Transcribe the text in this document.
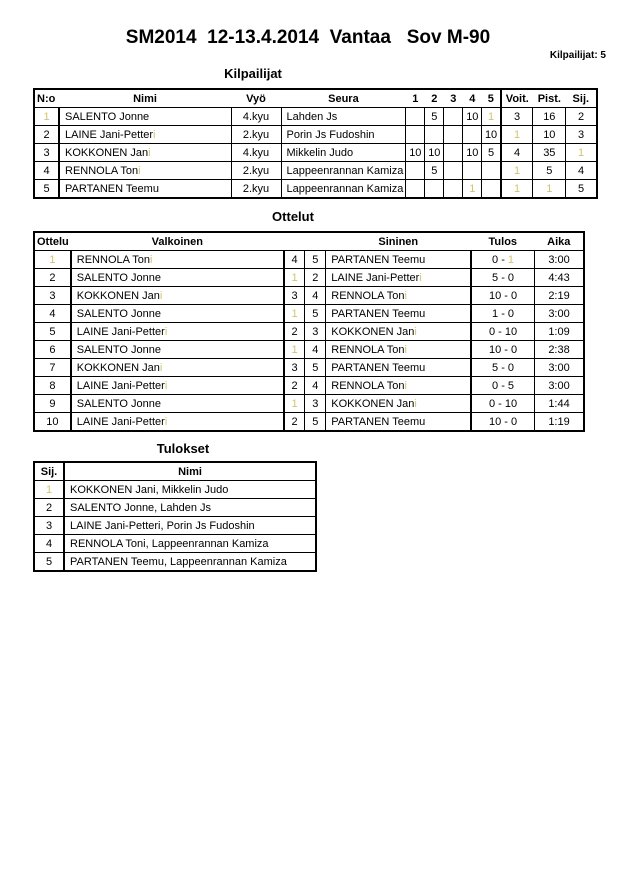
SM2014  12-13.4.2014  Vantaa   Sov M-90
Kilpailijat: 5
Kilpailijat
N:o	Nimi	Vyö	Seura	1	2	3	4	5	Voit.	Pist.	Sij.
1	SALENTO Jonne	4.kyu	Lahden Js		5		10	1	3	16	2
2	LAINE Jani-Petteri	2.kyu	Porin Js Fudoshin					10	1	10	3
3	KOKKONEN Jani	4.kyu	Mikkelin Judo	10	10		10	5	4	35	1
4	RENNOLA Toni	2.kyu	Lappeenrannan Kamiza		5				1	5	4
5	PARTANEN Teemu	2.kyu	Lappeenrannan Kamiza				1		1	1	5
Ottelut
Ottelu	Valkoinen			Sininen	Tulos	Aika
1	RENNOLA Toni	4	5	PARTANEN Teemu	0 - 1	3:00
2	SALENTO Jonne	1	2	LAINE Jani-Petteri	5 - 0	4:43
3	KOKKONEN Jani	3	4	RENNOLA Toni	10 - 0	2:19
4	SALENTO Jonne	1	5	PARTANEN Teemu	1 - 0	3:00
5	LAINE Jani-Petteri	2	3	KOKKONEN Jani	0 - 10	1:09
6	SALENTO Jonne	1	4	RENNOLA Toni	10 - 0	2:38
7	KOKKONEN Jani	3	5	PARTANEN Teemu	5 - 0	3:00
8	LAINE Jani-Petteri	2	4	RENNOLA Toni	0 - 5	3:00
9	SALENTO Jonne	1	3	KOKKONEN Jani	0 - 10	1:44
10	LAINE Jani-Petteri	2	5	PARTANEN Teemu	10 - 0	1:19
Tulokset
Sij.	Nimi
1	KOKKONEN Jani, Mikkelin Judo
2	SALENTO Jonne, Lahden Js
3	LAINE Jani-Petteri, Porin Js Fudoshin
4	RENNOLA Toni, Lappeenrannan Kamiza
5	PARTANEN Teemu, Lappeenrannan Kamiza
